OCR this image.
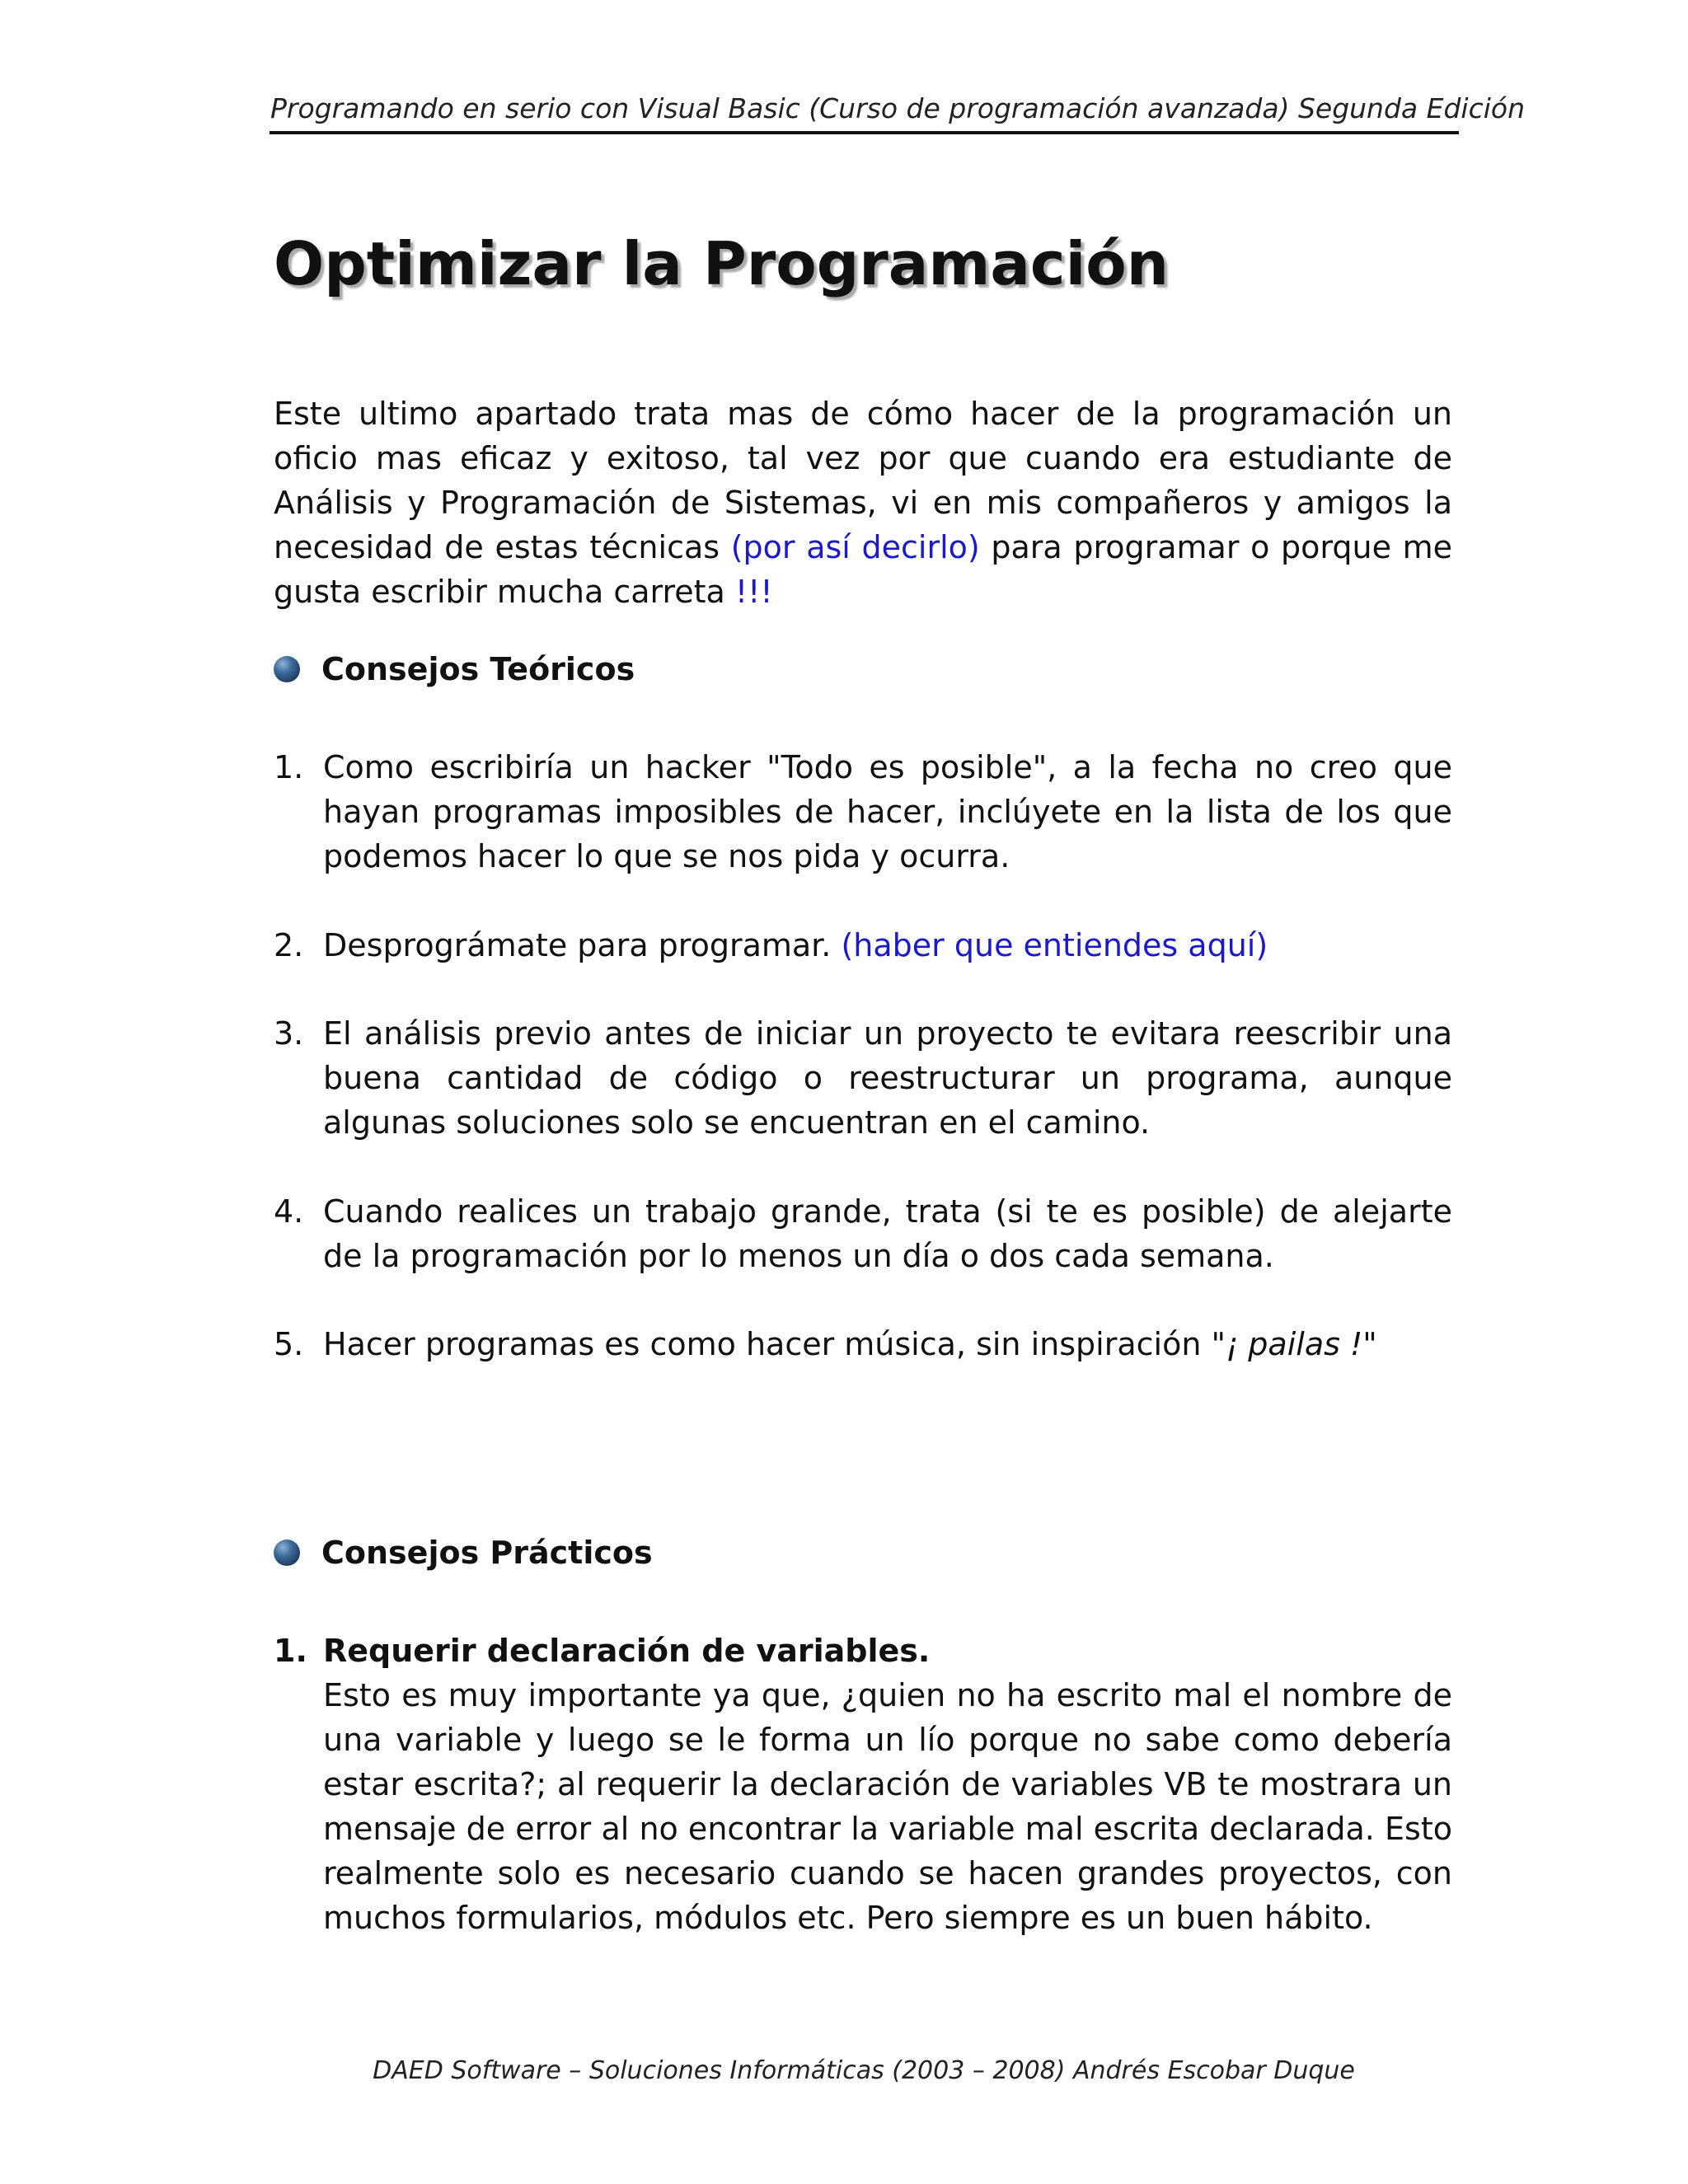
Programando en serio con Visual Basic (Curso de programación avanzada) Segunda Edición
Optimizar la Programación
Este ultimo apartado trata mas de cómo hacer de la programación un oficio mas eficaz y exitoso, tal vez por que cuando era estudiante de Análisis y Programación de Sistemas, vi en mis compañeros y amigos la necesidad de estas técnicas (por así decirlo) para programar o porque me gusta escribir mucha carreta !!!
Consejos Teóricos
1. Como escribiría un hacker "Todo es posible", a la fecha no creo que hayan programas imposibles de hacer, inclúyete en la lista de los que podemos hacer lo que se nos pida y ocurra.
2. Desprográmate para programar. (haber que entiendes aquí)
3. El análisis previo antes de iniciar un proyecto te evitara reescribir una buena cantidad de código o reestructurar un programa, aunque algunas soluciones solo se encuentran en el camino.
4. Cuando realices un trabajo grande, trata (si te es posible) de alejarte de la programación por lo menos un día o dos cada semana.
5. Hacer programas es como hacer música, sin inspiración "¡ pailas !"
Consejos Prácticos
1. Requerir declaración de variables.
Esto es muy importante ya que, ¿quien no ha escrito mal el nombre de una variable y luego se le forma un lío porque no sabe como debería estar escrita?; al requerir la declaración de variables VB te mostrara un mensaje de error al no encontrar la variable mal escrita declarada. Esto realmente solo es necesario cuando se hacen grandes proyectos, con muchos formularios, módulos etc. Pero siempre es un buen hábito.
DAED Software – Soluciones Informáticas (2003 – 2008) Andrés Escobar Duque
